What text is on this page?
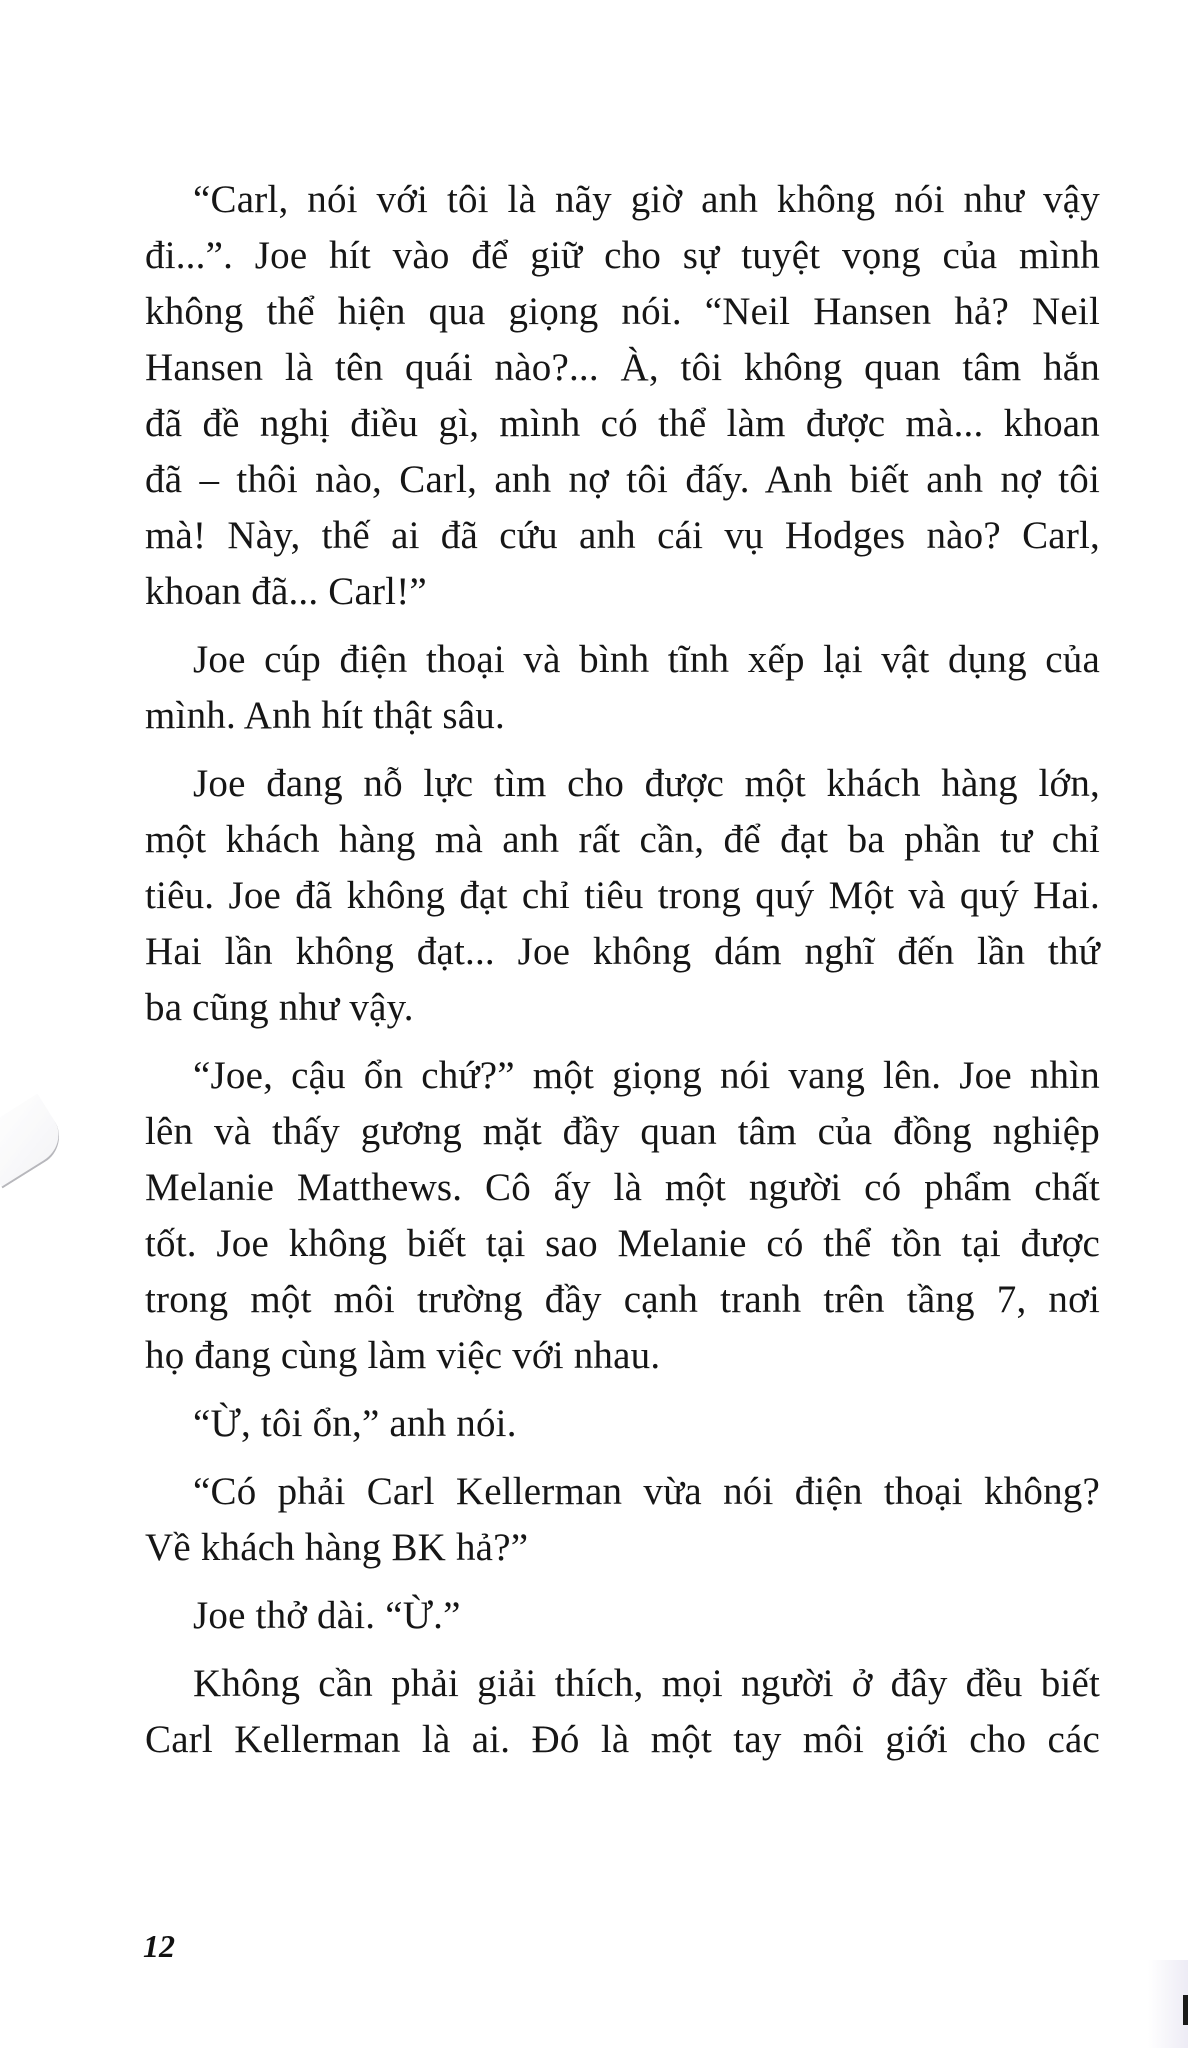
“Carl, nói với tôi là nãy giờ anh không nói như vậy
đi...”. Joe hít vào để giữ cho sự tuyệt vọng của mình
không thể hiện qua giọng nói. “Neil Hansen hả? Neil
Hansen là tên quái nào?... À, tôi không quan tâm hắn
đã đề nghị điều gì, mình có thể làm được mà... khoan
đã – thôi nào, Carl, anh nợ tôi đấy. Anh biết anh nợ tôi
mà! Này, thế ai đã cứu anh cái vụ Hodges nào? Carl,
khoan đã... Carl!”
Joe cúp điện thoại và bình tĩnh xếp lại vật dụng của
mình. Anh hít thật sâu.
Joe đang nỗ lực tìm cho được một khách hàng lớn,
một khách hàng mà anh rất cần, để đạt ba phần tư chỉ
tiêu. Joe đã không đạt chỉ tiêu trong quý Một và quý Hai.
Hai lần không đạt... Joe không dám nghĩ đến lần thứ
ba cũng như vậy.
“Joe, cậu ổn chứ?” một giọng nói vang lên. Joe nhìn
lên và thấy gương mặt đầy quan tâm của đồng nghiệp
Melanie Matthews. Cô ấy là một người có phẩm chất
tốt. Joe không biết tại sao Melanie có thể tồn tại được
trong một môi trường đầy cạnh tranh trên tầng 7, nơi
họ đang cùng làm việc với nhau.
“Ừ, tôi ổn,” anh nói.
“Có phải Carl Kellerman vừa nói điện thoại không?
Về khách hàng BK hả?”
Joe thở dài. “Ừ.”
Không cần phải giải thích, mọi người ở đây đều biết
Carl Kellerman là ai. Đó là một tay môi giới cho các
12
